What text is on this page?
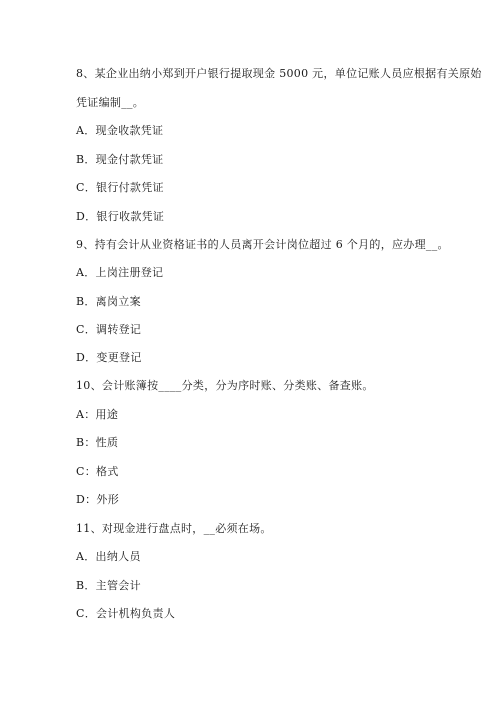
8、某企业出纳小郑到开户银行提取现金 5000 元，单位记账人员应根据有关原始
凭证编制__。
A．现金收款凭证
B．现金付款凭证
C．银行付款凭证
D．银行收款凭证
9、持有会计从业资格证书的人员离开会计岗位超过 6 个月的，应办理__。
A．上岗注册登记
B．离岗立案
C．调转登记
D．变更登记
10、会计账簿按____分类，分为序时账、分类账、备查账。
A：用途
B：性质
C：格式
D：外形
11、对现金进行盘点时，__必须在场。
A．出纳人员
B．主管会计
C．会计机构负责人
